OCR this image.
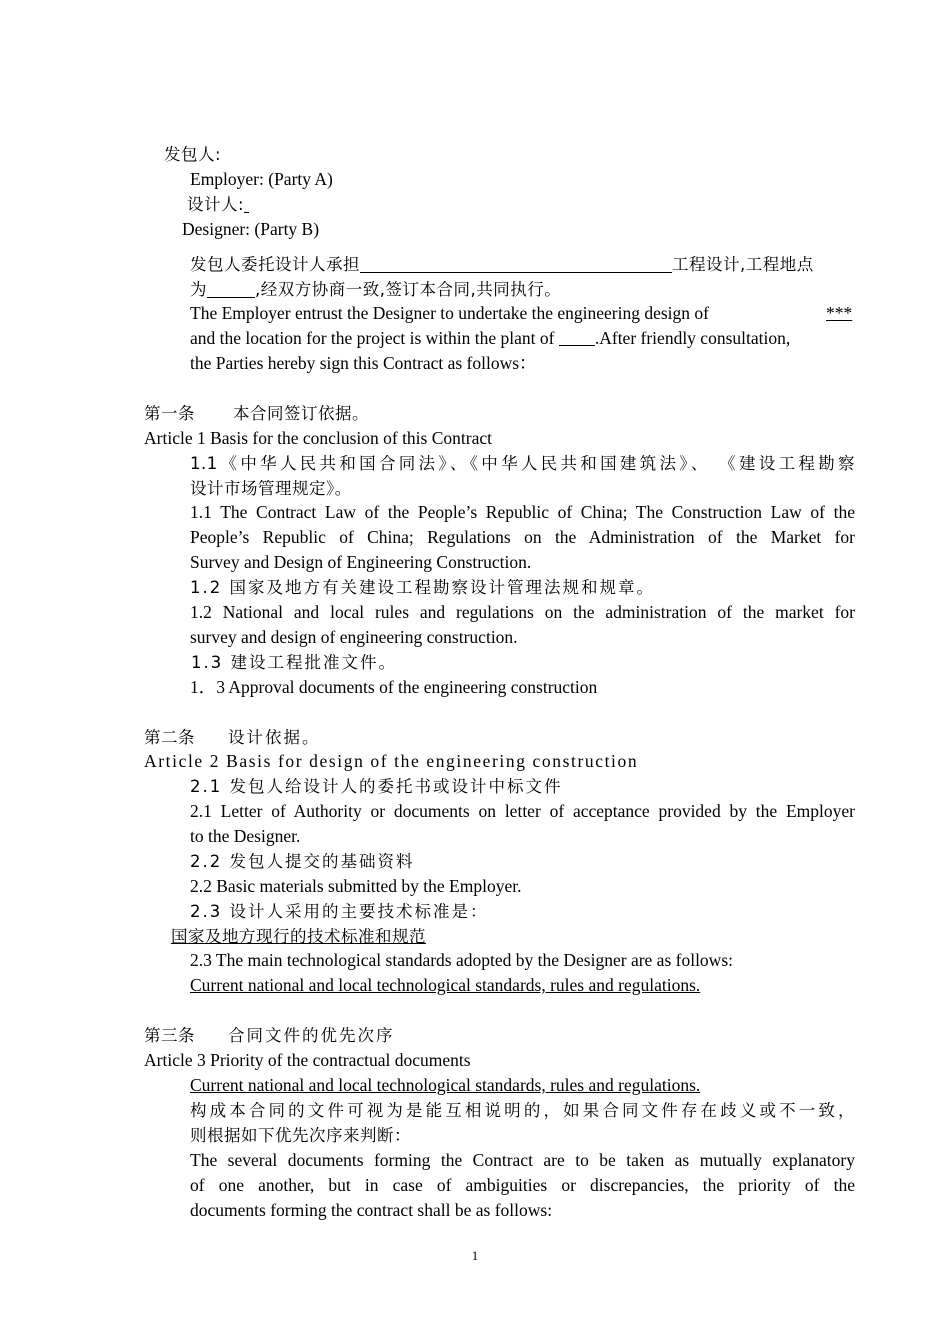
发包人:
Employer: (Party A)
设计人:
Designer: (Party B)
发包人委托设计人承担	工程设计,工程地点
为	,经双方协商一致,签订本合同,共同执行。
The Employer entrust the Designer to undertake the engineering design of	***
and the location for the project is within the plant of .After friendly consultation,
the Parties hereby sign this Contract as follows：
第一条 本合同签订依据。
Article 1 Basis for the conclusion of this Contract
1.1《中华人民共和国合同法》、《中华人民共和国建筑法》、 《建设工程勘察
设计市场管理规定》。
1.1 The Contract Law of the People’s Republic of China; The Construction Law of the
People’s Republic of China; Regulations on the Administration of the Market for
Survey and Design of Engineering Construction.
1.2 国家及地方有关建设工程勘察设计管理法规和规章。
1.2 National and local rules and regulations on the administration of the market for
survey and design of engineering construction.
1.3 建设工程批准文件。
1．3 Approval documents of the engineering construction
第二条 设计依据。
Article 2 Basis for design of the engineering construction
2.1 发包人给设计人的委托书或设计中标文件
2.1 Letter of Authority or documents on letter of acceptance provided by the Employer
to the Designer.
2.2 发包人提交的基础资料
2.2 Basic materials submitted by the Employer.
2.3 设计人采用的主要技术标准是：
国家及地方现行的技术标准和规范
2.3 The main technological standards adopted by the Designer are as follows:
Current national and local technological standards, rules and regulations.
第三条 合同文件的优先次序
Article 3 Priority of the contractual documents
Current national and local technological standards, rules and regulations.
构成本合同的文件可视为是能互相说明的，如果合同文件存在歧义或不一致，
则根据如下优先次序来判断：
The several documents forming the Contract are to be taken as mutually explanatory
of one another, but in case of ambiguities or discrepancies, the priority of the
documents forming the contract shall be as follows:
1
